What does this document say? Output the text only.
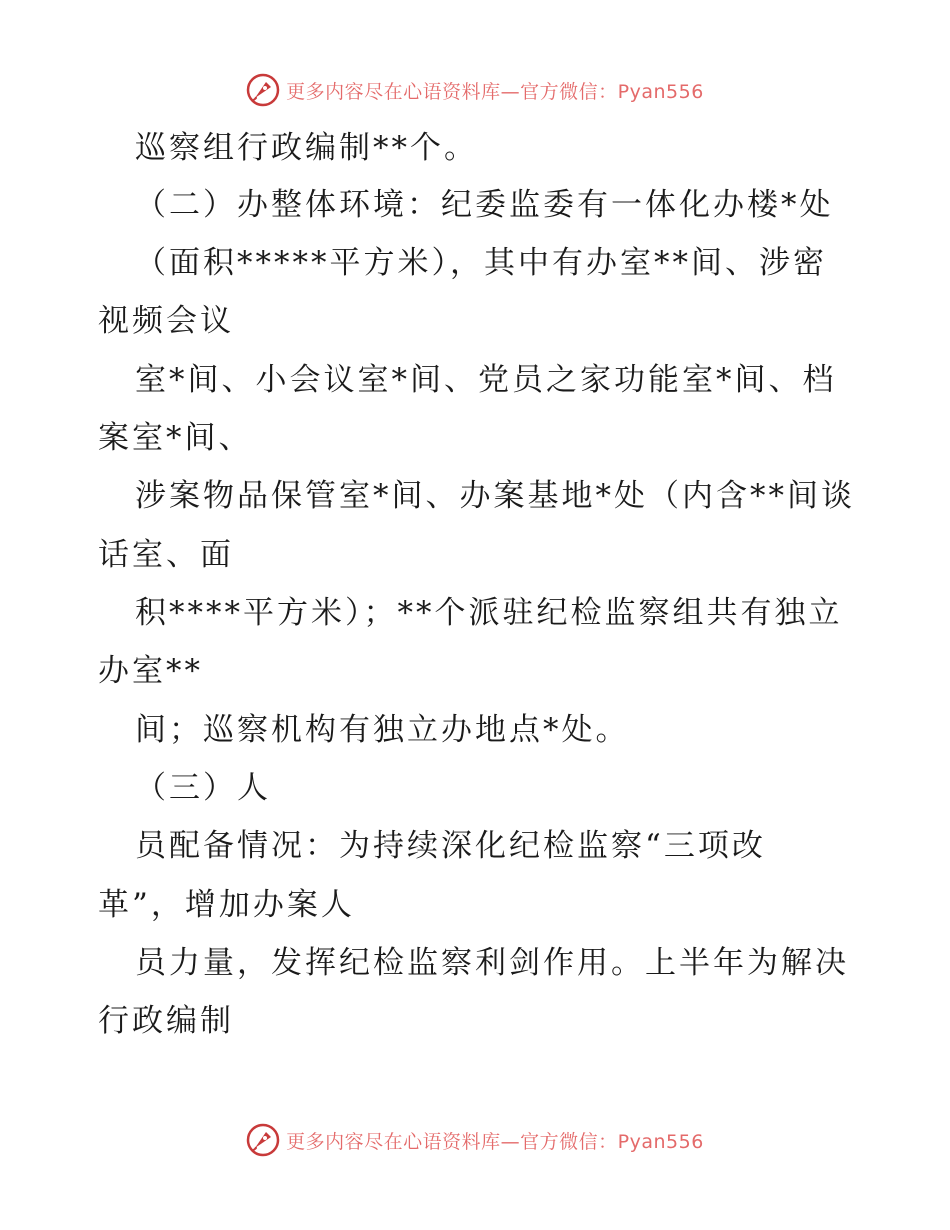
更多内容尽在心语资料库—官方微信：Pyan556
巡察组行政编制**个。
（二）办整体环境：纪委监委有一体化办楼*处
（面积*****平方米），其中有办室**间、涉密
视频会议
室*间、小会议室*间、党员之家功能室*间、档
案室*间、
涉案物品保管室*间、办案基地*处（内含**间谈
话室、面
积****平方米）；**个派驻纪检监察组共有独立
办室**
间；巡察机构有独立办地点*处。
（三）人
员配备情况：为持续深化纪检监察“三项改
革”，增加办案人
员力量，发挥纪检监察利剑作用。上半年为解决
行政编制
更多内容尽在心语资料库—官方微信：Pyan556
